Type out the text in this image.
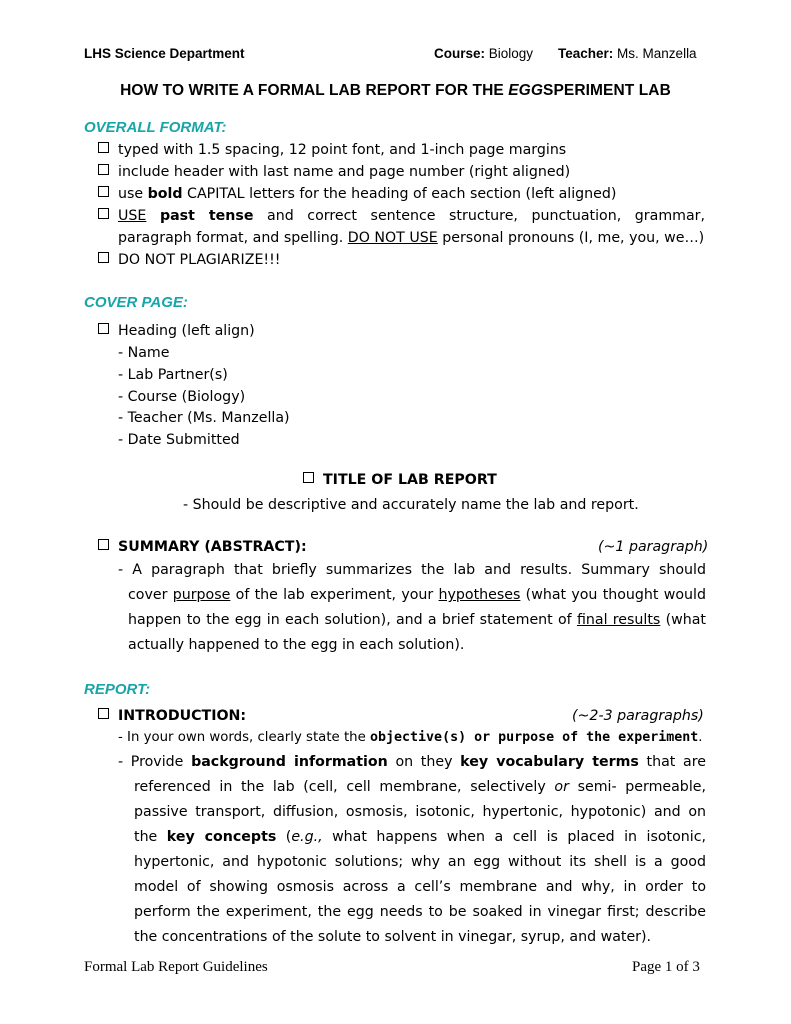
LHS Science Department	Course: Biology Teacher: Ms. Manzella
HOW TO WRITE A FORMAL LAB REPORT FOR THE EGGSPERIMENT LAB
OVERALL FORMAT:
typed with 1.5 spacing, 12 point font, and 1-inch page margins
include header with last name and page number (right aligned)
use bold CAPITAL letters for the heading of each section (left aligned)
USE past tense and correct sentence structure, punctuation, grammar,
paragraph format, and spelling. DO NOT USE personal pronouns (I, me, you, we…)
DO NOT PLAGIARIZE!!!
COVER PAGE:
Heading (left align)
- Name
- Lab Partner(s)
- Course (Biology)
- Teacher (Ms. Manzella)
- Date Submitted
TITLE OF LAB REPORT
- Should be descriptive and accurately name the lab and report.
SUMMARY (ABSTRACT):	(~1 paragraph)
- A paragraph that briefly summarizes the lab and results. Summary should
cover purpose of the lab experiment, your hypotheses (what you thought would
happen to the egg in each solution), and a brief statement of final results (what
actually happened to the egg in each solution).
REPORT:
INTRODUCTION:	(~2-3 paragraphs)
- In your own words, clearly state the objective(s) or purpose of the experiment.
- Provide background information on they key vocabulary terms that are
referenced in the lab (cell, cell membrane, selectively or semi- permeable,
passive transport, diffusion, osmosis, isotonic, hypertonic, hypotonic) and on
the key concepts (e.g., what happens when a cell is placed in isotonic,
hypertonic, and hypotonic solutions; why an egg without its shell is a good
model of showing osmosis across a cell’s membrane and why, in order to
perform the experiment, the egg needs to be soaked in vinegar first; describe
the concentrations of the solute to solvent in vinegar, syrup, and water).
Formal Lab Report Guidelines	Page 1 of 3
